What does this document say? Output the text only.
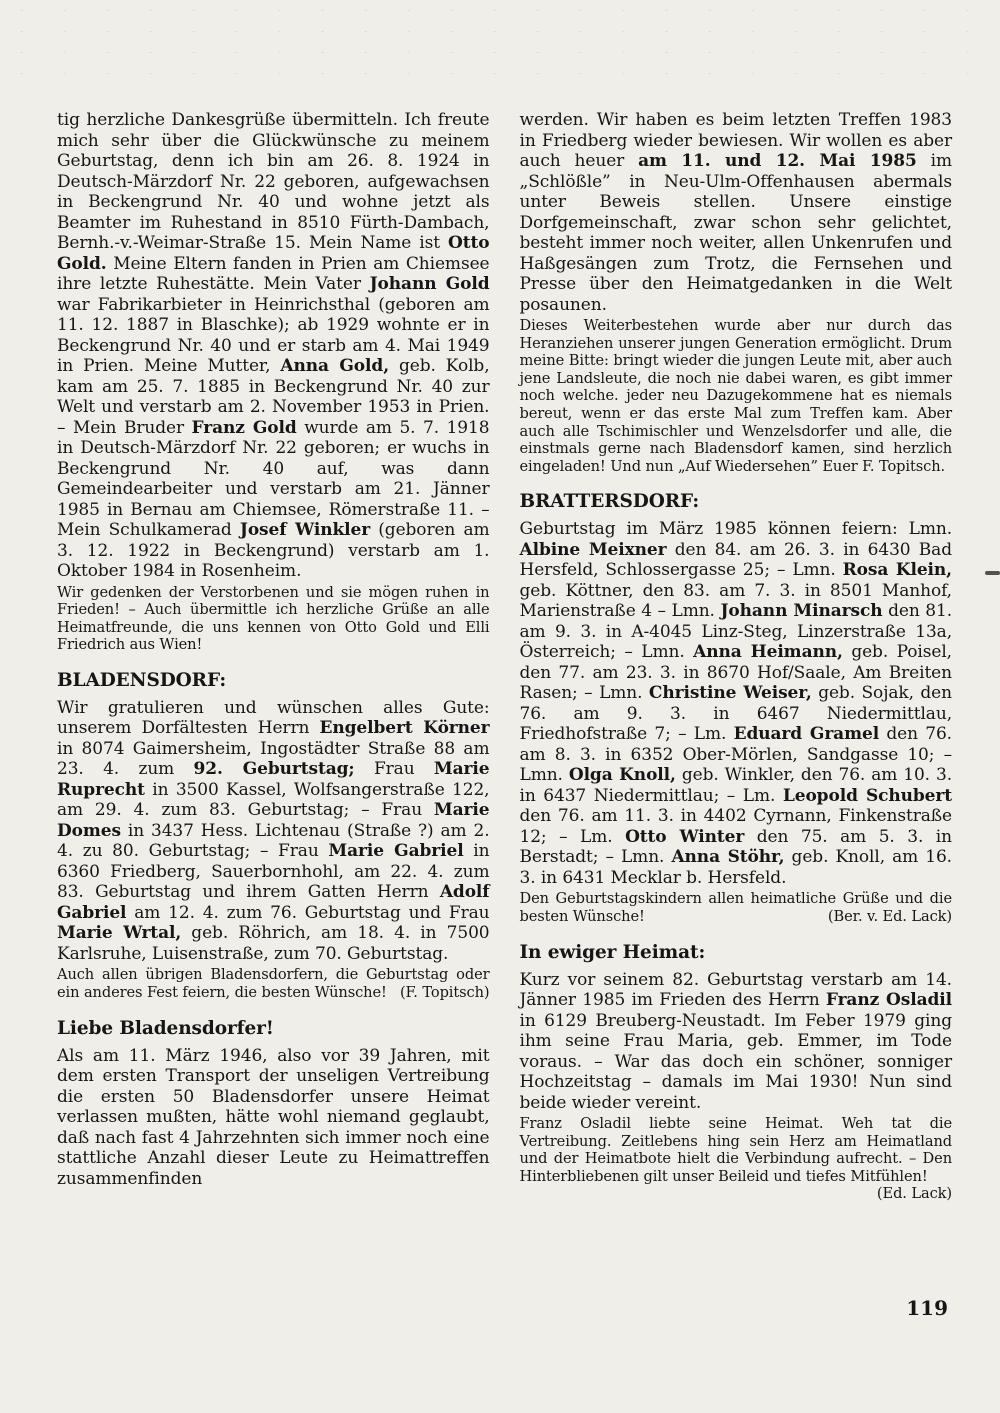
tig herzliche Dankesgrüße übermitteln. Ich freute mich sehr über die Glückwünsche zu meinem Geburtstag, denn ich bin am 26. 8. 1924 in Deutsch-Märzdorf Nr. 22 geboren, aufgewachsen in Beckengrund Nr. 40 und wohne jetzt als Beamter im Ruhestand in 8510 Fürth-Dambach, Bernh.-v.-Weimar-Straße 15. Mein Name ist Otto Gold. Meine Eltern fanden in Prien am Chiemsee ihre letzte Ruhestätte. Mein Vater Johann Gold war Fabrikarbieter in Heinrichsthal (geboren am 11. 12. 1887 in Blaschke); ab 1929 wohnte er in Beckengrund Nr. 40 und er starb am 4. Mai 1949 in Prien. Meine Mutter, Anna Gold, geb. Kolb, kam am 25. 7. 1885 in Beckengrund Nr. 40 zur Welt und verstarb am 2. November 1953 in Prien. – Mein Bruder Franz Gold wurde am 5. 7. 1918 in Deutsch-Märzdorf Nr. 22 geboren; er wuchs in Beckengrund Nr. 40 auf, was dann Gemeindearbeiter und verstarb am 21. Jänner 1985 in Bernau am Chiemsee, Römerstraße 11. – Mein Schulkamerad Josef Winkler (geboren am 3. 12. 1922 in Beckengrund) verstarb am 1. Oktober 1984 in Rosenheim.
Wir gedenken der Verstorbenen und sie mögen ruhen in Frieden! – Auch übermittle ich herzliche Grüße an alle Heimatfreunde, die uns kennen von Otto Gold und Elli Friedrich aus Wien!
BLADENSDORF:
Wir gratulieren und wünschen alles Gute: unserem Dorfältesten Herrn Engelbert Körner in 8074 Gaimersheim, Ingostädter Straße 88 am 23. 4. zum 92. Geburtstag; Frau Marie Ruprecht in 3500 Kassel, Wolfsangerstraße 122, am 29. 4. zum 83. Geburtstag; – Frau Marie Domes in 3437 Hess. Lichtenau (Straße ?) am 2. 4. zu 80. Geburtstag; – Frau Marie Gabriel in 6360 Friedberg, Sauerbornhohl, am 22. 4. zum 83. Geburtstag und ihrem Gatten Herrn Adolf Gabriel am 12. 4. zum 76. Geburtstag und Frau Marie Wrtal, geb. Röhrich, am 18. 4. in 7500 Karlsruhe, Luisenstraße, zum 70. Geburtstag.
Auch allen übrigen Bladensdorfern, die Geburtstag oder ein anderes Fest feiern, die besten Wünsche! (F. Topitsch)
Liebe Bladensdorfer!
Als am 11. März 1946, also vor 39 Jahren, mit dem ersten Transport der unseligen Vertreibung die ersten 50 Bladensdorfer unsere Heimat verlassen mußten, hätte wohl niemand geglaubt, daß nach fast 4 Jahrzehnten sich immer noch eine stattliche Anzahl dieser Leute zu Heimattreffen zusammenfinden
werden. Wir haben es beim letzten Treffen 1983 in Friedberg wieder bewiesen. Wir wollen es aber auch heuer am 11. und 12. Mai 1985 im „Schlößle” in Neu-Ulm-Offenhausen abermals unter Beweis stellen. Unsere einstige Dorfgemeinschaft, zwar schon sehr gelichtet, besteht immer noch weiter, allen Unkenrufen und Haßgesängen zum Trotz, die Fernsehen und Presse über den Heimatgedanken in die Welt posaunen.
Dieses Weiterbestehen wurde aber nur durch das Heranziehen unserer jungen Generation ermöglicht. Drum meine Bitte: bringt wieder die jungen Leute mit, aber auch jene Landsleute, die noch nie dabei waren, es gibt immer noch welche. jeder neu Dazugekommene hat es niemals bereut, wenn er das erste Mal zum Treffen kam. Aber auch alle Tschimischler und Wenzelsdorfer und alle, die einstmals gerne nach Bladensdorf kamen, sind herzlich eingeladen! Und nun „Auf Wiedersehen” Euer F. Topitsch.
BRATTERSDORF:
Geburtstag im März 1985 können feiern: Lmn. Albine Meixner den 84. am 26. 3. in 6430 Bad Hersfeld, Schlossergasse 25; – Lmn. Rosa Klein, geb. Köttner, den 83. am 7. 3. in 8501 Manhof, Marienstraße 4 – Lmn. Johann Minarsch den 81. am 9. 3. in A-4045 Linz-Steg, Linzerstraße 13a, Österreich; – Lmn. Anna Heimann, geb. Poisel, den 77. am 23. 3. in 8670 Hof/Saale, Am Breiten Rasen; – Lmn. Christine Weiser, geb. Sojak, den 76. am 9. 3. in 6467 Niedermittlau, Friedhofstraße 7; – Lm. Eduard Gramel den 76. am 8. 3. in 6352 Ober-Mörlen, Sandgasse 10; – Lmn. Olga Knoll, geb. Winkler, den 76. am 10. 3. in 6437 Niedermittlau; – Lm. Leopold Schubert den 76. am 11. 3. in 4402 Cyrnann, Finkenstraße 12; – Lm. Otto Winter den 75. am 5. 3. in Berstadt; – Lmn. Anna Stöhr, geb. Knoll, am 16. 3. in 6431 Mecklar b. Hersfeld.
Den Geburtstagskindern allen heimatliche Grüße und die besten Wünsche!	(Ber. v. Ed. Lack)
In ewiger Heimat:
Kurz vor seinem 82. Geburtstag verstarb am 14. Jänner 1985 im Frieden des Herrn Franz Osladil in 6129 Breuberg-Neustadt. Im Feber 1979 ging ihm seine Frau Maria, geb. Emmer, im Tode voraus. – War das doch ein schöner, sonniger Hochzeitstag – damals im Mai 1930! Nun sind beide wieder vereint.
Franz Osladil liebte seine Heimat. Weh tat die Vertreibung. Zeitlebens hing sein Herz am Heimatland und der Heimatbote hielt die Verbindung aufrecht. – Den Hinterbliebenen gilt unser Beileid und tiefes Mitfühlen!
(Ed. Lack)
119
